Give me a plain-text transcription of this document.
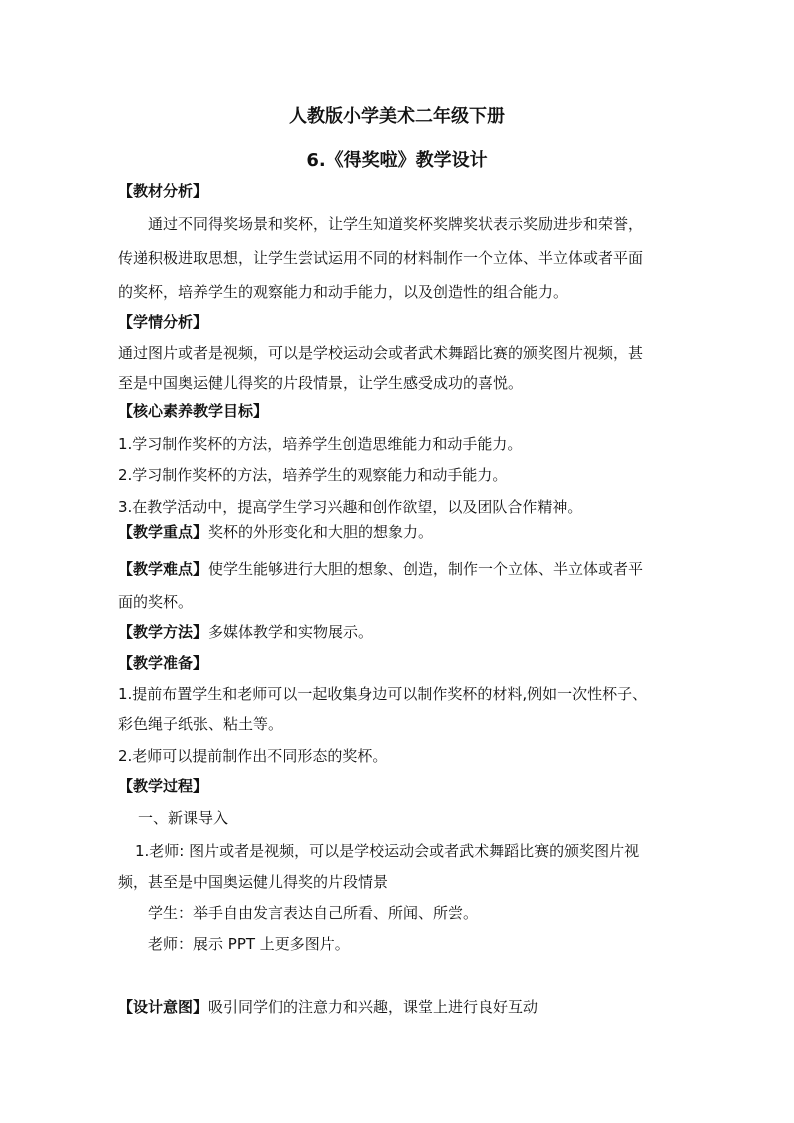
人教版小学美术二年级下册
6.《得奖啦》教学设计
【教材分析】
通过不同得奖场景和奖杯，让学生知道奖杯奖牌奖状表示奖励进步和荣誉，
传递积极进取思想，让学生尝试运用不同的材料制作一个立体、半立体或者平面
的奖杯，培养学生的观察能力和动手能力，以及创造性的组合能力。
【学情分析】
通过图片或者是视频，可以是学校运动会或者武术舞蹈比赛的颁奖图片视频，甚
至是中国奥运健儿得奖的片段情景，让学生感受成功的喜悦。
【核心素养教学目标】
1.学习制作奖杯的方法，培养学生创造思维能力和动手能力。
2.学习制作奖杯的方法，培养学生的观察能力和动手能力。
3.在教学活动中，提高学生学习兴趣和创作欲望，以及团队合作精神。
【教学重点】奖杯的外形变化和大胆的想象力。
【教学难点】使学生能够进行大胆的想象、创造，制作一个立体、半立体或者平
面的奖杯。
【教学方法】多媒体教学和实物展示。
【教学准备】
1.提前布置学生和老师可以一起收集身边可以制作奖杯的材料,例如一次性杯子、
彩色绳子纸张、粘土等。
2.老师可以提前制作出不同形态的奖杯。
【教学过程】
一、新课导入
1.老师: 图片或者是视频，可以是学校运动会或者武术舞蹈比赛的颁奖图片视
频，甚至是中国奥运健儿得奖的片段情景
学生：举手自由发言表达自己所看、所闻、所尝。
老师：展示 PPT 上更多图片。
【设计意图】吸引同学们的注意力和兴趣，课堂上进行良好互动
